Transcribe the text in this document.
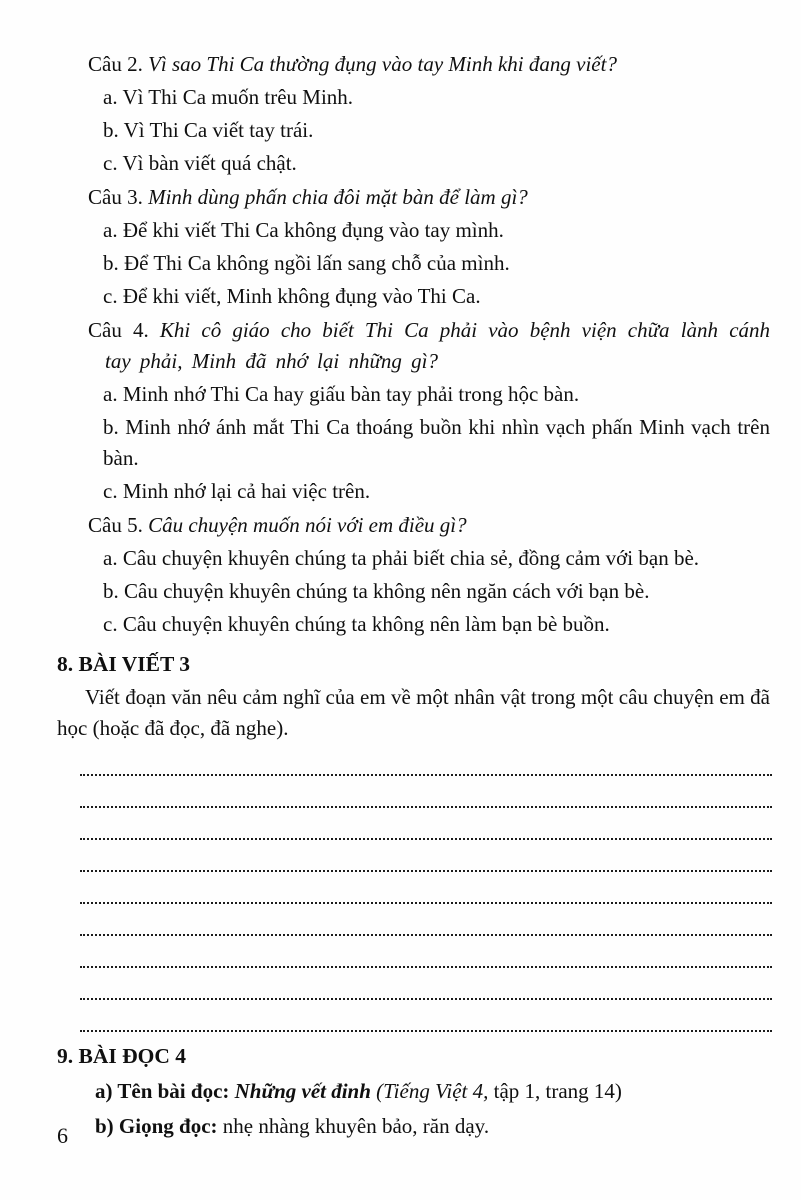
Câu 2. Vì sao Thi Ca thường đụng vào tay Minh khi đang viết?

a. Vì Thi Ca muốn trêu Minh.

b. Vì Thi Ca viết tay trái.

c. Vì bàn viết quá chật.

Câu 3. Minh dùng phấn chia đôi mặt bàn để làm gì?

a. Để khi viết Thi Ca không đụng vào tay mình.

b. Để Thi Ca không ngồi lấn sang chỗ của mình.

c. Để khi viết, Minh không đụng vào Thi Ca.

Câu 4. Khi cô giáo cho biết Thi Ca phải vào bệnh viện chữa lành cánh tay phải, Minh đã nhớ lại những gì?

a. Minh nhớ Thi Ca hay giấu bàn tay phải trong hộc bàn.

b. Minh nhớ ánh mắt Thi Ca thoáng buồn khi nhìn vạch phấn Minh vạch trên bàn.

c. Minh nhớ lại cả hai việc trên.

Câu 5. Câu chuyện muốn nói với em điều gì?

a. Câu chuyện khuyên chúng ta phải biết chia sẻ, đồng cảm với bạn bè.

b. Câu chuyện khuyên chúng ta không nên ngăn cách với bạn bè.

c. Câu chuyện khuyên chúng ta không nên làm bạn bè buồn.

8. BÀI VIẾT 3

Viết đoạn văn nêu cảm nghĩ của em về một nhân vật trong một câu chuyện em đã học (hoặc đã đọc, đã nghe).

9. BÀI ĐỌC 4

a) Tên bài đọc: Những vết đinh (Tiếng Việt 4, tập 1, trang 14)

b) Giọng đọc: nhẹ nhàng khuyên bảo, răn dạy.

6
